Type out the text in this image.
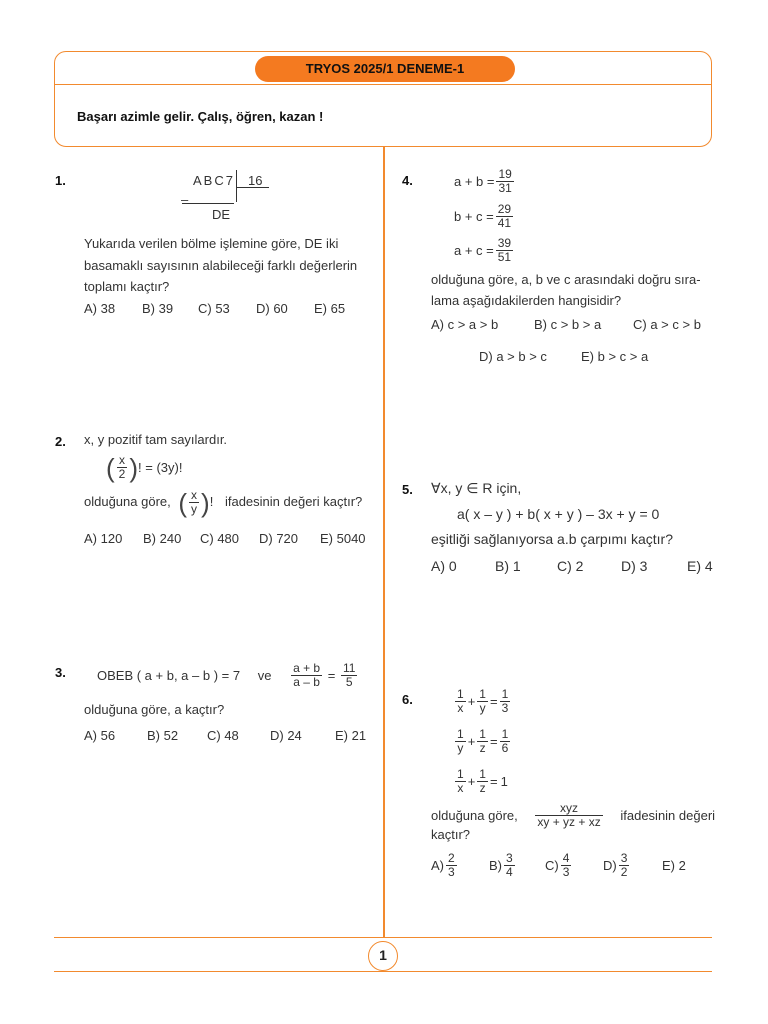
TRYOS 2025/1 DENEME-1
Başarı azimle gelir. Çalış, öğren, kazan !
1.	ABC7 16
–
DE
Yukarıda verilen bölme işlemine göre, DE iki
basamaklı sayısının alabileceği farklı değerlerin
toplamı kaçtır?
A) 38 B) 39 C) 53 D) 60 E) 65
2. x, y pozitif tam sayılardır.
( $\frac{x}{2}$ )! = (3y)!
olduğuna göre, ( $\frac{x}{y}$ )! ifadesinin değeri kaçtır?
A) 120 B) 240 C) 480 D) 720 E) 5040
3. OBEB ( a + b, a – b ) = 7 ve $\frac{a + b}{a - b} = \frac{11}{5}$
olduğuna göre, a kaçtır?
A) 56 B) 52 C) 48 D) 24	E) 21
4.	$a + b = \frac{19}{31}$
$b + c = \frac{29}{41}$
$a + c = \frac{39}{51}$
olduğuna göre, a, b ve c arasındaki doğru sıra-
lama aşağıdakilerden hangisidir?
A) c > a > b	B) c > b > a C) a > c > b
D) a > b > c	E) b > c > a
5. ∀x, y ∈ R için,
a( x – y ) + b( x + y ) – 3x + y = 0
eşitliği sağlanıyorsa a.b çarpımı kaçtır?
A) 0	B) 1	C) 2	D) 3	E) 4
6.	$\frac{1}{x} + \frac{1}{y} = \frac{1}{3}$
$\frac{1}{y} + \frac{1}{z} = \frac{1}{6}$
$\frac{1}{x} + \frac{1}{z} = 1$
olduğuna göre, $\frac{\text{xyz}}{xy + yz + xz}$ ifadesinin değeri
kaçtır?
$A) \frac{2}{3} B) \frac{3}{4} C) \frac{4}{3} D) \frac{3}{2}$	E) 2
1
